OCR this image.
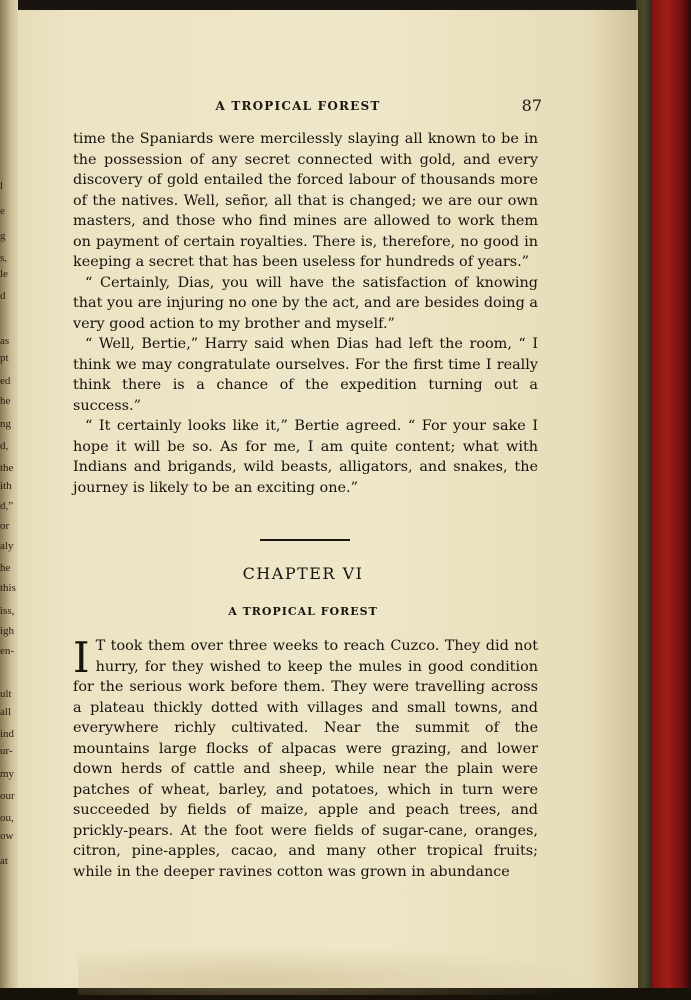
l
e
g
s,
le
d
as
pt
ed
he
ng
d,
the
ith
d,”
or
aly
he
this
iss,
igh
en-
ult
all
ind
ur-
my
our
ou,
ow
at
A TROPICAL FOREST	87

time the Spaniards were mercilessly slaying all known to be in the possession of any secret connected with gold, and every discovery of gold entailed the forced labour of thousands more of the natives. Well, señor, all that is changed; we are our own masters, and those who find mines are allowed to work them on payment of certain royalties. There is, therefore, no good in keeping a secret that has been useless for hundreds of years.”

“ Certainly, Dias, you will have the satisfaction of knowing that you are injuring no one by the act, and are besides doing a very good action to my brother and myself.”

“ Well, Bertie,” Harry said when Dias had left the room, “ I think we may congratulate ourselves. For the first time I really think there is a chance of the expedition turning out a success.”

“ It certainly looks like it,” Bertie agreed. “ For your sake I hope it will be so. As for me, I am quite content; what with Indians and brigands, wild beasts, alligators, and snakes, the journey is likely to be an exciting one.”

CHAPTER VI
A TROPICAL FOREST

I T took them over three weeks to reach Cuzco. They did not hurry, for they wished to keep the mules in good condition for the serious work before them. They were travelling across a plateau thickly dotted with villages and small towns, and everywhere richly cultivated. Near the summit of the mountains large flocks of alpacas were grazing, and lower down herds of cattle and sheep, while near the plain were patches of wheat, barley, and potatoes, which in turn were succeeded by fields of maize, apple and peach trees, and prickly-pears. At the foot were fields of sugar-cane, oranges, citron, pine-apples, cacao, and many other tropical fruits; while in the deeper ravines cotton was grown in abundance
